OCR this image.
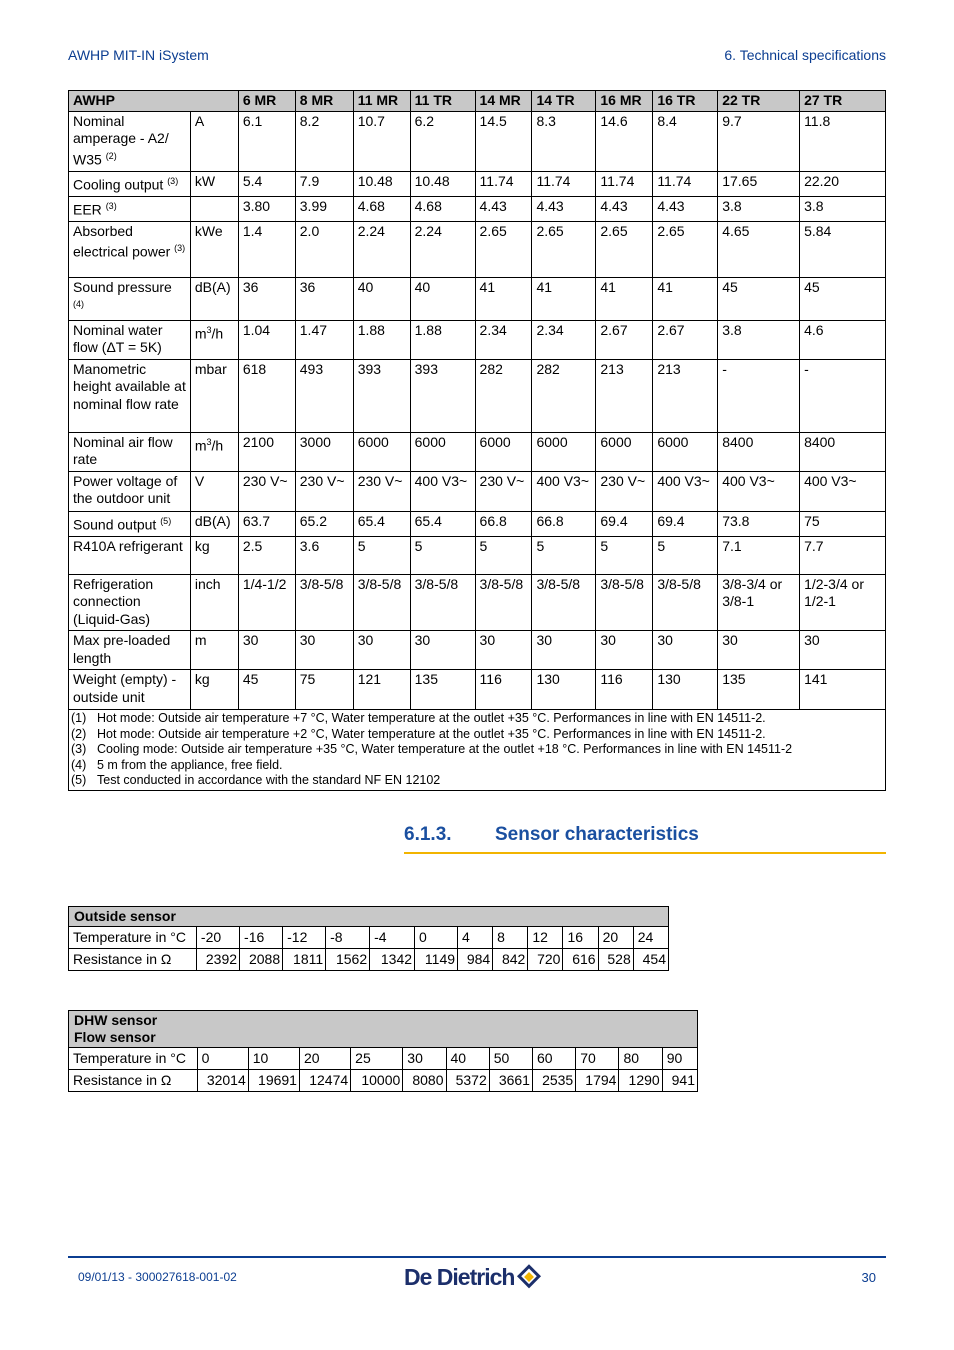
AWHP MIT-IN iSystem	6. Technical specifications
AWHP		6 MR	8 MR	11 MR	11 TR	14 MR	14 TR	16 MR	16 TR	22 TR	27 TR
Nominal amperage - A2/ W35 $^{(2)}$	A	6.1	8.2	10.7	6.2	14.5	8.3	14.6	8.4	9.7	11.8
Cooling output $^{(3)}$	kW	5.4	7.9	10.48	10.48	11.74	11.74	11.74	11.74	17.65	22.20
EER $^{(3)}$		3.80	3.99	4.68	4.68	4.43	4.43	4.43	4.43	3.8	3.8
Absorbed electrical power $^{(3)}$	kWe	1.4	2.0	2.24	2.24	2.65	2.65	2.65	2.65	4.65	5.84
Sound pressure $^{(4)}$	dB(A)	36	36	40	40	41	41	41	41	45	45
Nominal water flow (ΔT = 5K)	$m^3/h$	1.04	1.47	1.88	1.88	2.34	2.34	2.67	2.67	3.8	4.6
Manometric height available at nominal flow rate	mbar	618	493	393	393	282	282	213	213	-	-
Nominal air flow rate	$m^3/h$	2100	3000	6000	6000	6000	6000	6000	6000	8400	8400
Power voltage of the outdoor unit	V	230 V~	230 V~	230 V~	400 V3~	230 V~	400 V3~	230 V~	400 V3~	400 V3~	400 V3~
Sound output $^{(5)}$	dB(A)	63.7	65.2	65.4	65.4	66.8	66.8	69.4	69.4	73.8	75
R410A refrigerant	kg	2.5	3.6	5	5	5	5	5	5	7.1	7.7
Refrigeration connection (Liquid-Gas)	inch	1/4-1/2	3/8-5/8	3/8-5/8	3/8-5/8	3/8-5/8	3/8-5/8	3/8-5/8	3/8-5/8	3/8-3/4 or 3/8-1	1/2-3/4 or 1/2-1
Max pre-loaded length	m	30	30	30	30	30	30	30	30	30	30
Weight (empty) - outside unit	kg	45	75	121	135	116	130	116	130	135	141

(1) Hot mode: Outside air temperature +7 °C, Water temperature at the outlet +35 °C. Performances in line with EN 14511-2.
(2) Hot mode: Outside air temperature +2 °C, Water temperature at the outlet +35 °C. Performances in line with EN 14511-2.
(3) Cooling mode: Outside air temperature +35 °C, Water temperature at the outlet +18 °C. Performances in line with EN 14511-2
(4) 5 m from the appliance, free field.
(5) Test conducted in accordance with the standard NF EN 12102											
6.1.3. Sensor characteristics
Outside sensor												
Temperature in °C	-20	-16	-12	-8	-4	0	4	8	12	16	20	24
Resistance in Ω	2392	2088	1811	1562	1342	1149	984	842	720	616	528	454
DHW sensor
Flow sensor											

Temperature in °C	0	10	20	25	30	40	50	60	70	80	90
Resistance in Ω	32014	19691	12474	10000	8080	5372	3661	2535	1794	1290	941
09/01/13 - 300027618-001-02	De Dietrich	30
